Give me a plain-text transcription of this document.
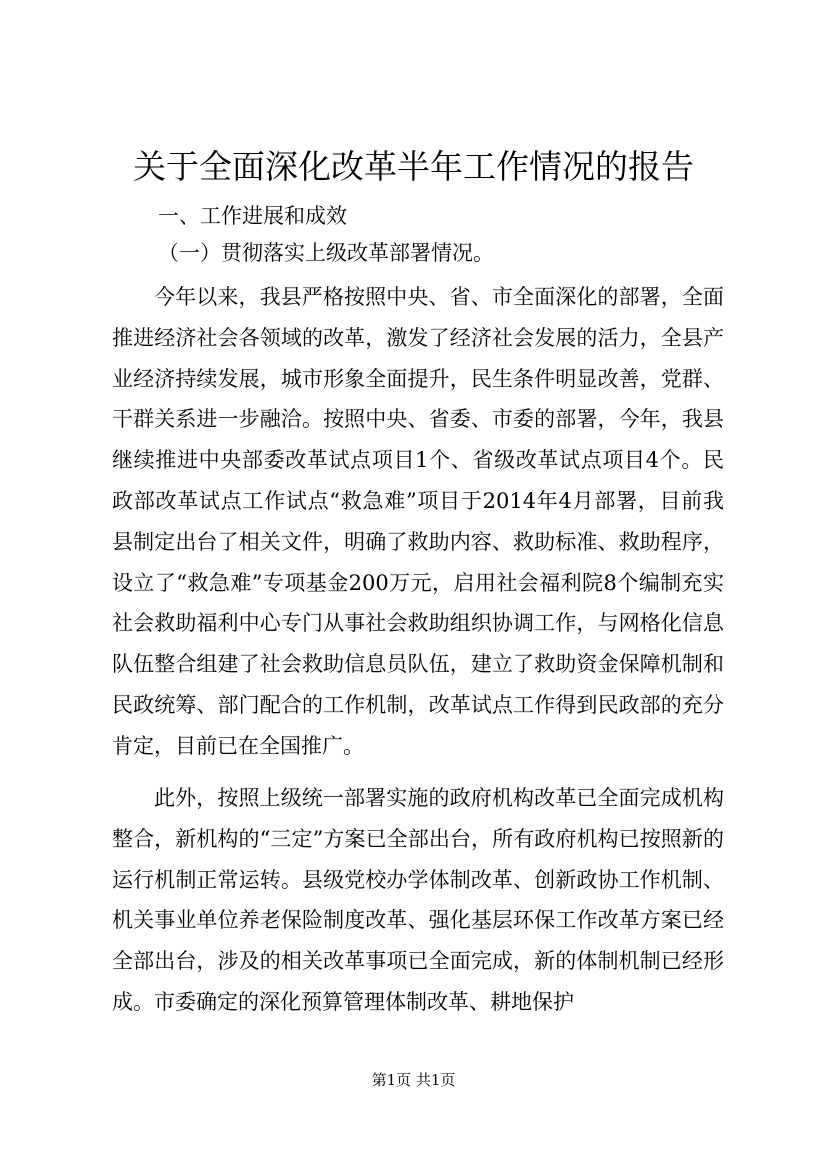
关于全面深化改革半年工作情况的报告

一、工作进展和成效

（一）贯彻落实上级改革部署情况。

今年以来，我县严格按照中央、省、市全面深化的部署，全面推进经济社会各领域的改革，激发了经济社会发展的活力，全县产业经济持续发展，城市形象全面提升，民生条件明显改善，党群、干群关系进一步融洽。按照中央、省委、市委的部署，今年，我县继续推进中央部委改革试点项目1个、省级改革试点项目4个。民政部改革试点工作试点“救急难”项目于2014年4月部署，目前我县制定出台了相关文件，明确了救助内容、救助标准、救助程序，设立了“救急难”专项基金200万元，启用社会福利院8个编制充实社会救助福利中心专门从事社会救助组织协调工作，与网格化信息队伍整合组建了社会救助信息员队伍，建立了救助资金保障机制和民政统筹、部门配合的工作机制，改革试点工作得到民政部的充分肯定，目前已在全国推广。

此外，按照上级统一部署实施的政府机构改革已全面完成机构整合，新机构的“三定”方案已全部出台，所有政府机构已按照新的运行机制正常运转。县级党校办学体制改革、创新政协工作机制、机关事业单位养老保险制度改革、强化基层环保工作改革方案已经全部出台，涉及的相关改革事项已全面完成，新的体制机制已经形成。市委确定的深化预算管理体制改革、耕地保护

第1页 共1页
